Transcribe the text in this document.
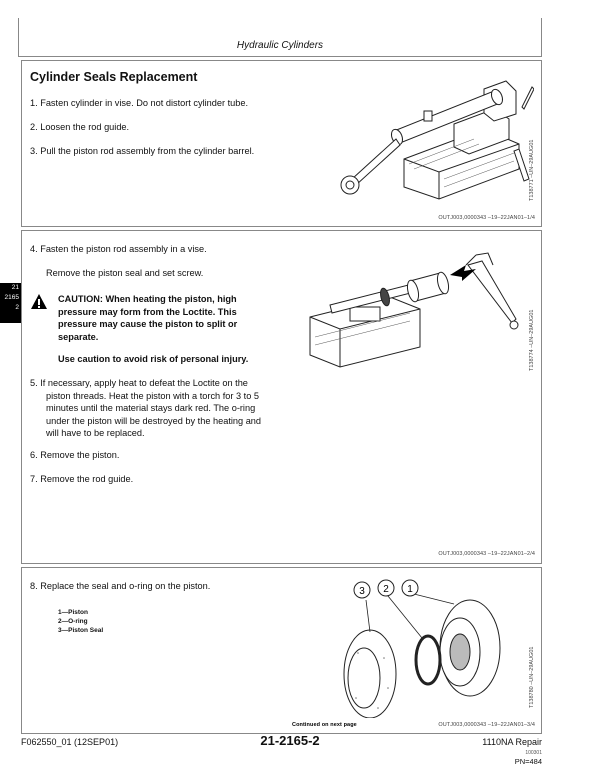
Hydraulic Cylinders
21
2165
2
Cylinder Seals Replacement
1. Fasten cylinder in vise. Do not distort cylinder tube.
2. Loosen the rod guide.
3. Pull the piston rod assembly from the cylinder barrel.	T138771 –UN–29AUG01
OUTJ003,0000343 –19–22JAN01–1/4
4. Fasten the piston rod assembly in a vise.
Remove the piston seal and set screw.
CAUTION: When heating the piston, high
pressure may form from the Loctite. This
pressure may cause the piston to split or
separate.
Use caution to avoid risk of personal injury.
5. If necessary, apply heat to defeat the Loctite on the
piston threads. Heat the piston with a torch for 3 to 5
minutes until the material stays dark red. The o-ring
under the piston will be destroyed by the heating and
will have to be replaced.
6. Remove the piston.
7. Remove the rod guide.
T138774 –UN–29AUG01
OUTJ003,0000343 –19–22JAN01–2/4
8. Replace the seal and o-ring on the piston.
1—Piston
2—O-ring
3—Piston Seal
3 2 1
T138780 –UN–29AUG01
Continued on next page	OUTJ003,0000343 –19–22JAN01–3/4
F062550_01 (12SEP01)	21-2165-2	1110NA Repair
100301
PN=484
